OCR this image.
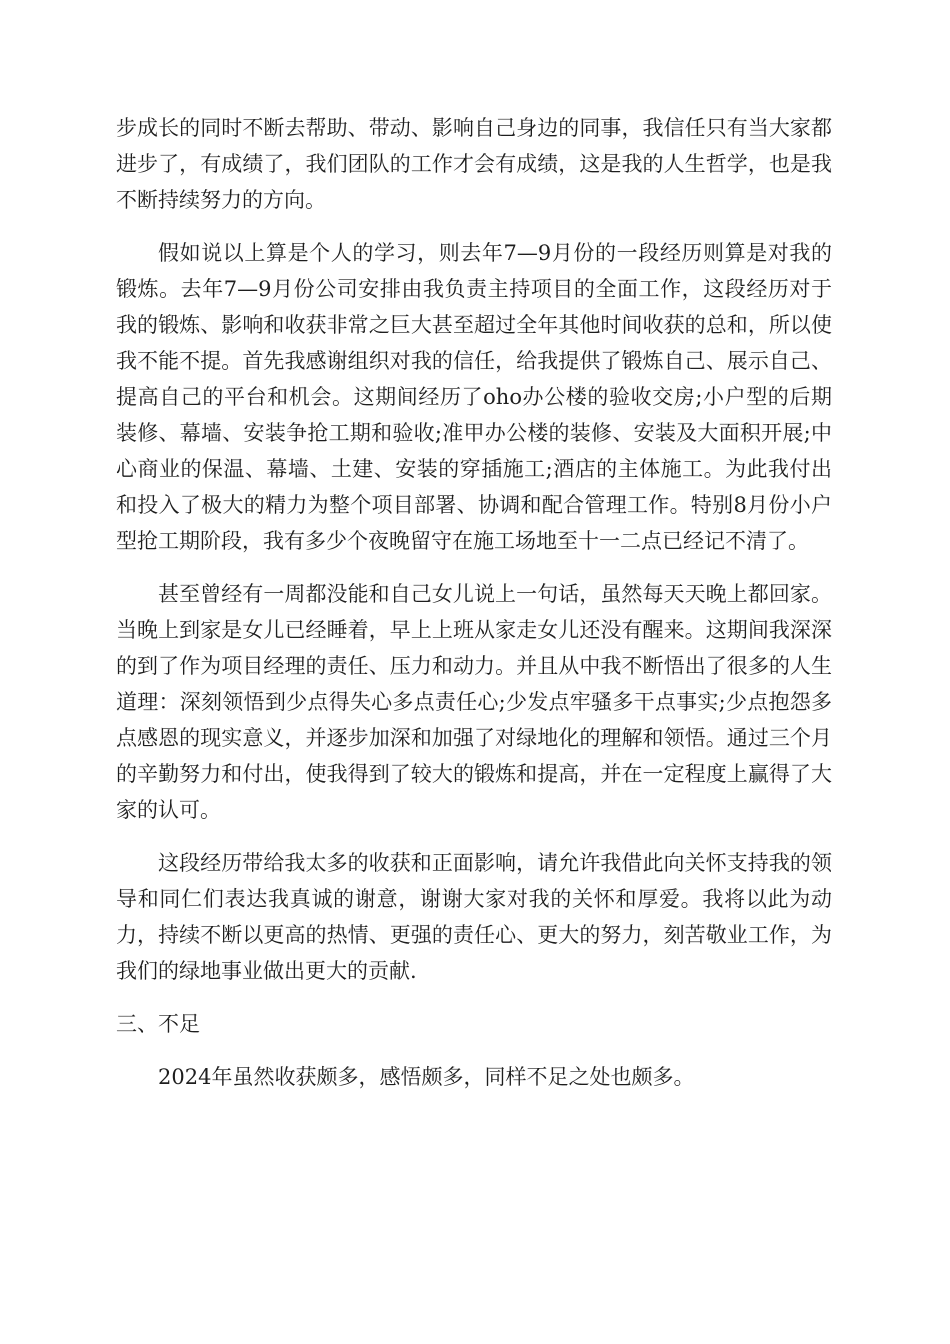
步成长的同时不断去帮助、带动、影响自己身边的同事，我信任只有当大家都进步了，有成绩了，我们团队的工作才会有成绩，这是我的人生哲学，也是我不断持续努力的方向。

假如说以上算是个人的学习，则去年7—9月份的一段经历则算是对我的锻炼。去年7—9月份公司安排由我负责主持项目的全面工作，这段经历对于我的锻炼、影响和收获非常之巨大甚至超过全年其他时间收获的总和，所以使我不能不提。首先我感谢组织对我的信任，给我提供了锻炼自己、展示自己、提高自己的平台和机会。这期间经历了oho办公楼的验收交房;小户型的后期装修、幕墙、安装争抢工期和验收;准甲办公楼的装修、安装及大面积开展;中心商业的保温、幕墙、土建、安装的穿插施工;酒店的主体施工。为此我付出和投入了极大的精力为整个项目部署、协调和配合管理工作。特别8月份小户型抢工期阶段，我有多少个夜晚留守在施工场地至十一二点已经记不清了。

甚至曾经有一周都没能和自己女儿说上一句话，虽然每天天晚上都回家。当晚上到家是女儿已经睡着，早上上班从家走女儿还没有醒来。这期间我深深的到了作为项目经理的责任、压力和动力。并且从中我不断悟出了很多的人生道理：深刻领悟到少点得失心多点责任心;少发点牢骚多干点事实;少点抱怨多点感恩的现实意义，并逐步加深和加强了对绿地化的理解和领悟。通过三个月的辛勤努力和付出，使我得到了较大的锻炼和提高，并在一定程度上赢得了大家的认可。

这段经历带给我太多的收获和正面影响，请允许我借此向关怀支持我的领导和同仁们表达我真诚的谢意，谢谢大家对我的关怀和厚爱。我将以此为动力，持续不断以更高的热情、更强的责任心、更大的努力，刻苦敬业工作，为我们的绿地事业做出更大的贡献.

三、不足

2024年虽然收获颇多，感悟颇多，同样不足之处也颇多。
